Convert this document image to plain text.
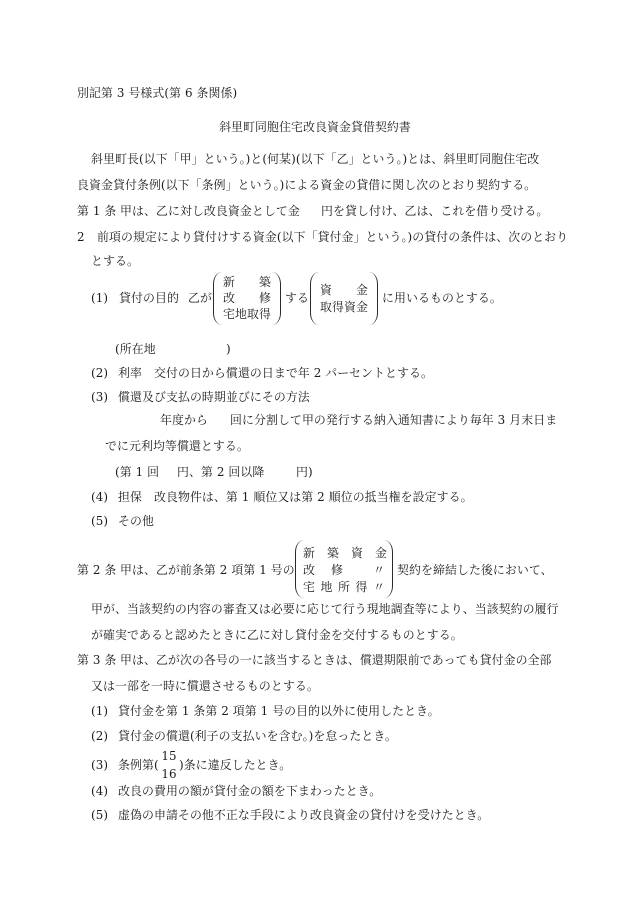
別記第 3 号様式(第 6 条関係)
斜里町同胞住宅改良資金貸借契約書
斜里町長(以下「甲」という。)と(何某)(以下「乙」という。)とは、斜里町同胞住宅改
良資金貸付条例(以下「条例」という。)による資金の貸借に関し次のとおり契約する。
第 1 条 甲は、乙に対し改良資金として金 円を貸し付け、乙は、これを借り受ける。
2 前項の規定により貸付けする資金(以下「貸付金」という。)の貸付の条件は、次のとおり
とする。
(1) 貸付の目的 乙が
新　　築
改　　修
宅地取得
する
資　　金
取得資金
に用いるものとする。
(所在地	)
(2) 利率　交付の日から償還の日まで年 2 パーセントとする。
(3) 償還及び支払の時期並びにその方法
年度から 回に分割して甲の発行する納入通知書により毎年 3 月末日ま
でに元利均等償還とする。
(第 1 回 円、第 2 回以降	円)
(4) 担保　改良物件は、第 1 順位又は第 2 順位の抵当権を設定する。
(5) その他
第 2 条 甲は、乙が前条第 2 項第 1 号の
新　築　資　金
改　修　　〃
宅 地 所 得 〃
契約を締結した後において、
甲が、当該契約の内容の審査又は必要に応じて行う現地調査等により、当該契約の履行
が確実であると認めたときに乙に対し貸付金を交付するものとする。
第 3 条 甲は、乙が次の各号の一に該当するときは、償還期限前であっても貸付金の全部
又は一部を一時に償還させるものとする。
(1) 貸付金を第 1 条第 2 項第 1 号の目的以外に使用したとき。
(2) 貸付金の償還(利子の支払いを含む。)を怠ったとき。
(3) 条例第(
15
16
)条に違反したとき。
(4) 改良の費用の額が貸付金の額を下まわったとき。
(5) 虚偽の申請その他不正な手段により改良資金の貸付けを受けたとき。
